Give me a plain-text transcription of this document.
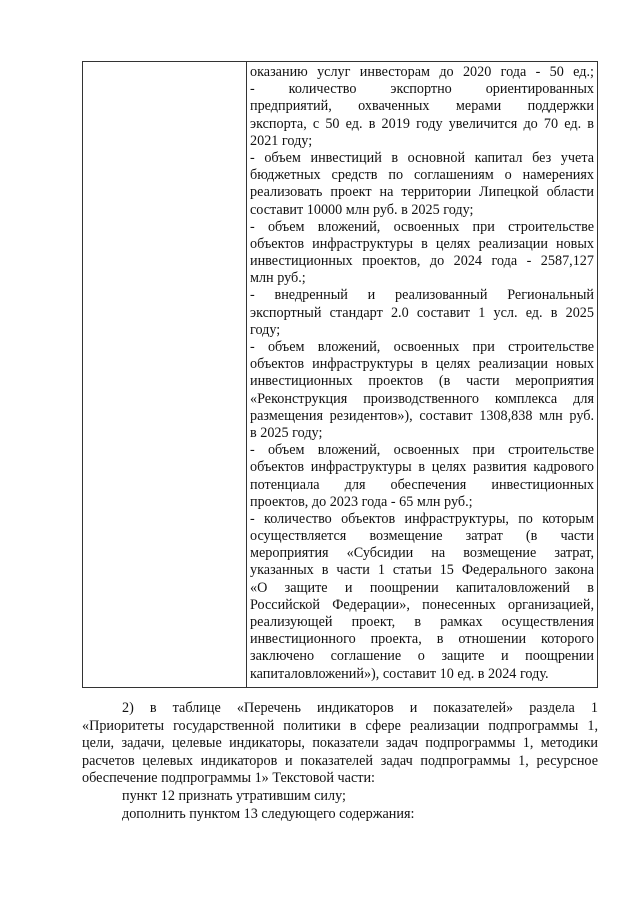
оказанию услуг инвесторам до 2020 года - 50 ед.;
- количество экспортно ориентированных
предприятий, охваченных мерами поддержки
экспорта, с 50 ед. в 2019 году увеличится до 70 ед. в
2021 году;
- объем инвестиций в основной капитал без учета
бюджетных средств по соглашениям о намерениях
реализовать проект на территории Липецкой области
составит 10000 млн руб. в 2025 году;
- объем вложений, освоенных при строительстве
объектов инфраструктуры в целях реализации новых
инвестиционных проектов, до 2024 года - 2587,127
млн руб.;
- внедренный и реализованный Региональный
экспортный стандарт 2.0 составит 1 усл. ед. в 2025
году;
- объем вложений, освоенных при строительстве
объектов инфраструктуры в целях реализации новых
инвестиционных проектов (в части мероприятия
«Реконструкция производственного комплекса для
размещения резидентов»), составит 1308,838 млн руб.
в 2025 году;
- объем вложений, освоенных при строительстве
объектов инфраструктуры в целях развития кадрового
потенциала для обеспечения инвестиционных
проектов, до 2023 года - 65 млн руб.;
- количество объектов инфраструктуры, по которым
осуществляется возмещение затрат (в части
мероприятия «Субсидии на возмещение затрат,
указанных в части 1 статьи 15 Федерального закона
«О защите и поощрении капиталовложений в
Российской Федерации», понесенных организацией,
реализующей проект, в рамках осуществления
инвестиционного проекта, в отношении которого
заключено соглашение о защите и поощрении
капиталовложений»), составит 10 ед. в 2024 году.
2) в таблице «Перечень индикаторов и показателей» раздела 1
«Приоритеты государственной политики в сфере реализации подпрограммы 1,
цели, задачи, целевые индикаторы, показатели задач подпрограммы 1, методики
расчетов целевых индикаторов и показателей задач подпрограммы 1, ресурсное
обеспечение подпрограммы 1» Текстовой части:
пункт 12 признать утратившим силу;
дополнить пунктом 13 следующего содержания:
